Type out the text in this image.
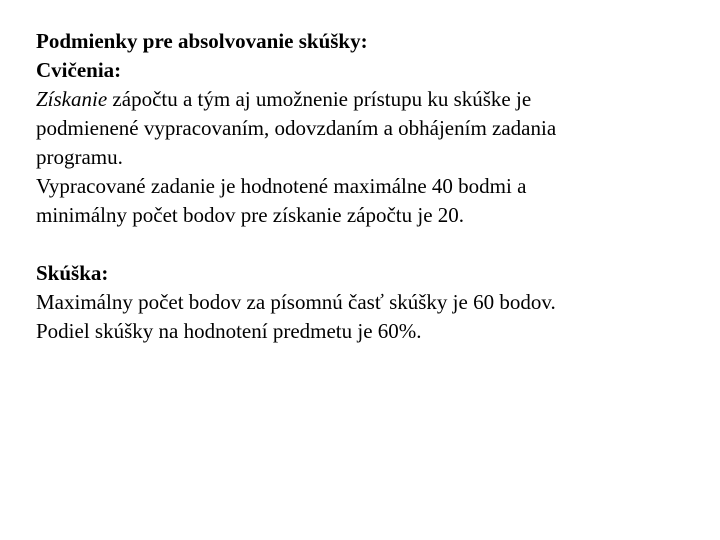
Podmienky pre absolvovanie skúšky:
Cvičenia:
Získanie zápočtu a tým aj umožnenie prístupu ku skúške je
podmienené vypracovaním, odovzdaním a obhájením zadania
programu.
Vypracované zadanie je hodnotené maximálne 40 bodmi a
minimálny počet bodov pre získanie zápočtu je 20.
Skúška:
Maximálny počet bodov za písomnú časť skúšky je 60 bodov.
Podiel skúšky na hodnotení predmetu je 60%.
